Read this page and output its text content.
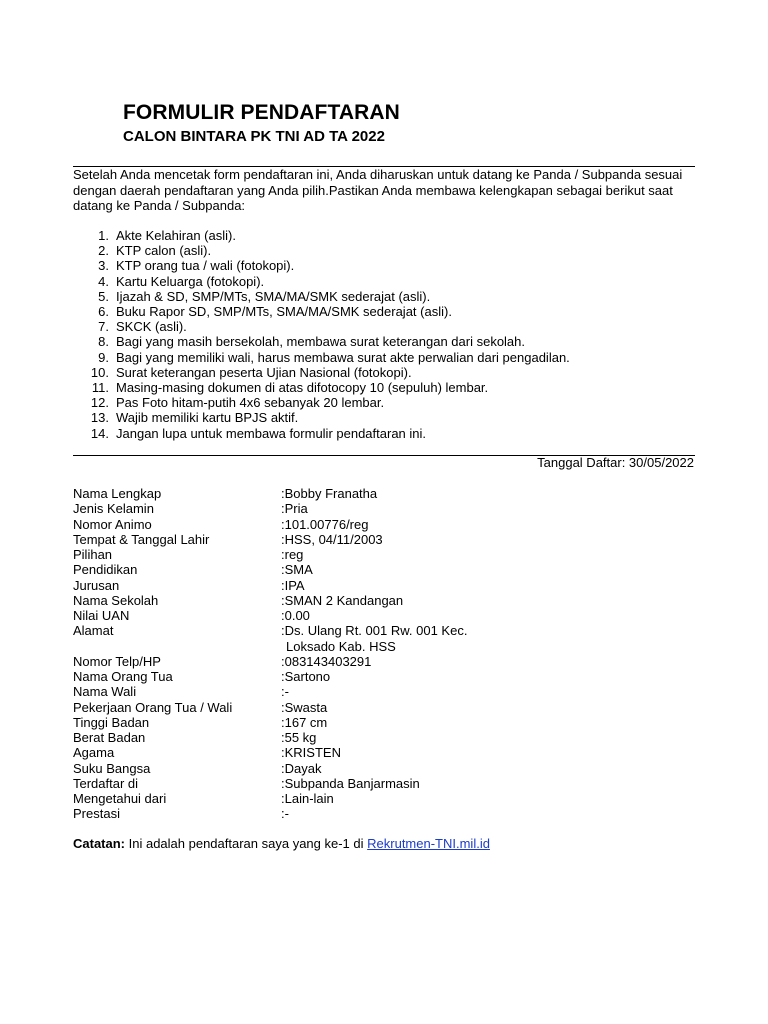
FORMULIR PENDAFTARAN
CALON BINTARA PK TNI AD TA 2022
Setelah Anda mencetak form pendaftaran ini, Anda diharuskan untuk datang ke Panda / Subpanda sesuai dengan daerah pendaftaran yang Anda pilih.Pastikan Anda membawa kelengkapan sebagai berikut saat datang ke Panda / Subpanda:
1. Akte Kelahiran (asli).
2. KTP calon (asli).
3. KTP orang tua / wali (fotokopi).
4. Kartu Keluarga (fotokopi).
5. Ijazah & SD, SMP/MTs, SMA/MA/SMK sederajat (asli).
6. Buku Rapor SD, SMP/MTs, SMA/MA/SMK sederajat (asli).
7. SKCK (asli).
8. Bagi yang masih bersekolah, membawa surat keterangan dari sekolah.
9. Bagi yang memiliki wali, harus membawa surat akte perwalian dari pengadilan.
10. Surat keterangan peserta Ujian Nasional (fotokopi).
11. Masing-masing dokumen di atas difotocopy 10 (sepuluh) lembar.
12. Pas Foto hitam-putih 4x6 sebanyak 20 lembar.
13. Wajib memiliki kartu BPJS aktif.
14. Jangan lupa untuk membawa formulir pendaftaran ini.
Tanggal Daftar: 30/05/2022
Nama Lengkap	:Bobby Franatha
Jenis Kelamin	:Pria
Nomor Animo	:101.00776/reg
Tempat & Tanggal Lahir	:HSS, 04/11/2003
Pilihan	:reg
Pendidikan	:SMA
Jurusan	:IPA
Nama Sekolah	:SMAN 2 Kandangan
Nilai UAN	:0.00
Alamat	:Ds. Ulang Rt. 001 Rw. 001 Kec.
Loksado Kab. HSS
Nomor Telp/HP	:083143403291
Nama Orang Tua	:Sartono
Nama Wali	:-
Pekerjaan Orang Tua / Wali	:Swasta
Tinggi Badan	:167 cm
Berat Badan	:55 kg
Agama	:KRISTEN
Suku Bangsa	:Dayak
Terdaftar di	:Subpanda Banjarmasin
Mengetahui dari	:Lain-lain
Prestasi	:-
Catatan: Ini adalah pendaftaran saya yang ke-1 di Rekrutmen-TNI.mil.id
